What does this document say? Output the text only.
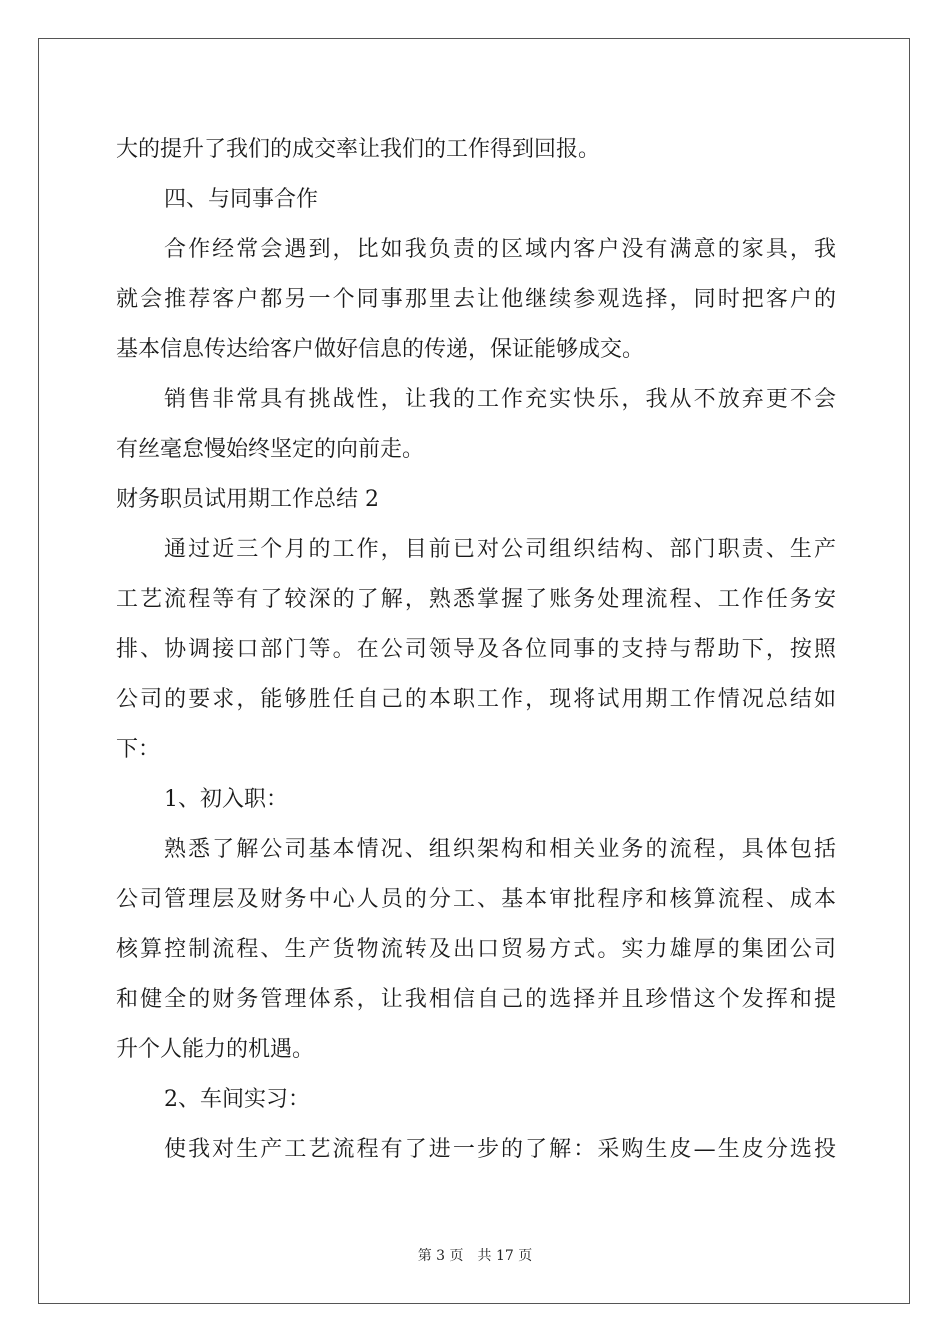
大的提升了我们的成交率让我们的工作得到回报。
四、与同事合作
合作经常会遇到，比如我负责的区域内客户没有满意的家具，我
就会推荐客户都另一个同事那里去让他继续参观选择，同时把客户的
基本信息传达给客户做好信息的传递，保证能够成交。
销售非常具有挑战性，让我的工作充实快乐，我从不放弃更不会
有丝毫怠慢始终坚定的向前走。
财务职员试用期工作总结 2
通过近三个月的工作，目前已对公司组织结构、部门职责、生产
工艺流程等有了较深的了解，熟悉掌握了账务处理流程、工作任务安
排、协调接口部门等。在公司领导及各位同事的支持与帮助下，按照
公司的要求，能够胜任自己的本职工作，现将试用期工作情况总结如
下：
1、初入职：
熟悉了解公司基本情况、组织架构和相关业务的流程，具体包括
公司管理层及财务中心人员的分工、基本审批程序和核算流程、成本
核算控制流程、生产货物流转及出口贸易方式。实力雄厚的集团公司
和健全的财务管理体系，让我相信自己的选择并且珍惜这个发挥和提
升个人能力的机遇。
2、车间实习：
使我对生产工艺流程有了进一步的了解：采购生皮—生皮分选投
第 3 页 共 17 页
